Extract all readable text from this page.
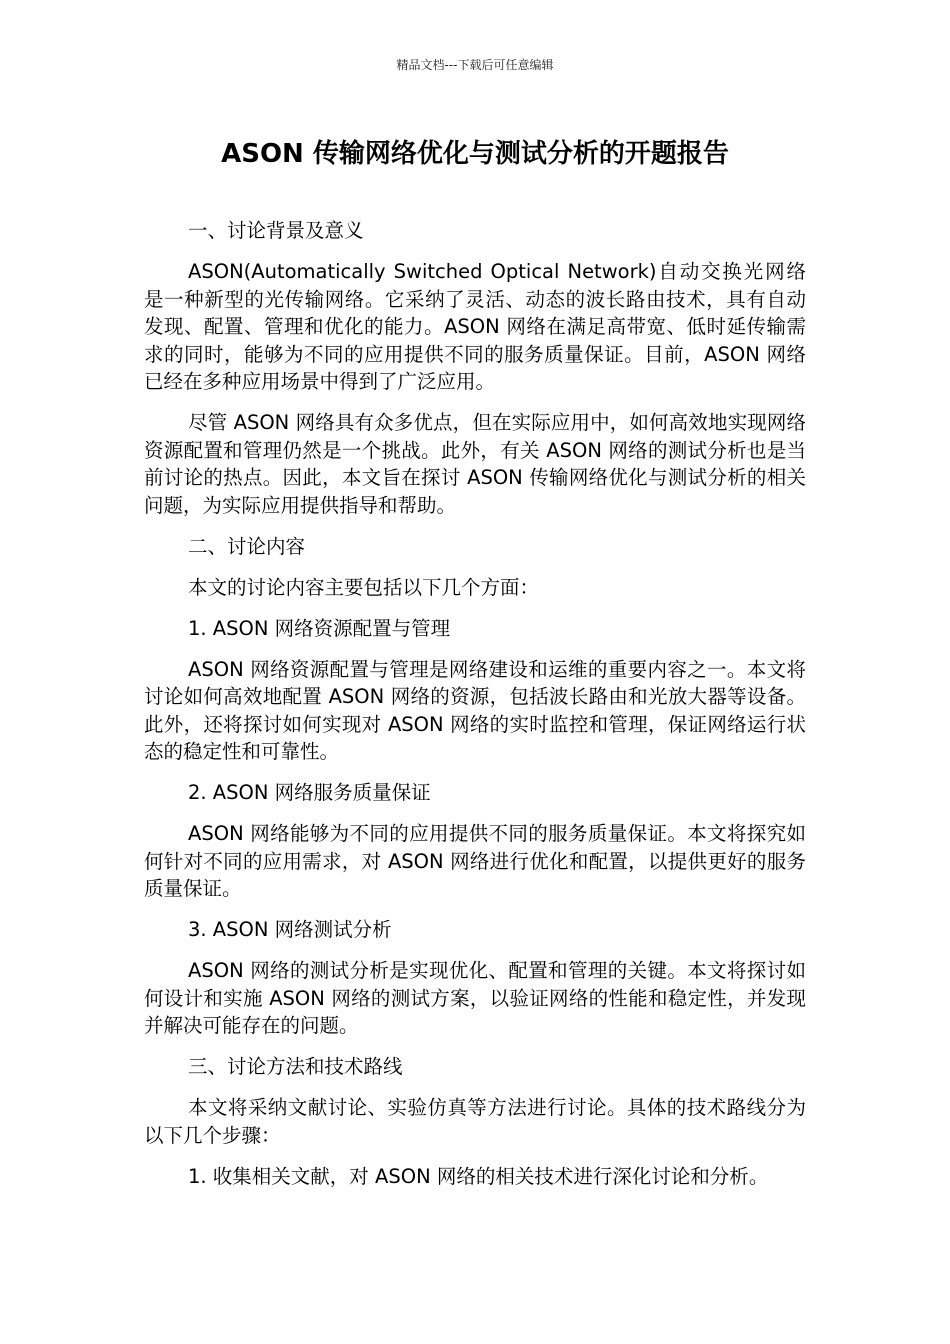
精品文档---下载后可任意编辑
ASON 传输网络优化与测试分析的开题报告

一、讨论背景及意义

ASON(Automatically Switched Optical Network)自动交换光网络是一种新型的光传输网络。它采纳了灵活、动态的波长路由技术，具有自动发现、配置、管理和优化的能力。ASON 网络在满足高带宽、低时延传输需求的同时，能够为不同的应用提供不同的服务质量保证。目前，ASON 网络已经在多种应用场景中得到了广泛应用。

尽管 ASON 网络具有众多优点，但在实际应用中，如何高效地实现网络资源配置和管理仍然是一个挑战。此外，有关 ASON 网络的测试分析也是当前讨论的热点。因此，本文旨在探讨 ASON 传输网络优化与测试分析的相关问题，为实际应用提供指导和帮助。

二、讨论内容

本文的讨论内容主要包括以下几个方面：

1. ASON 网络资源配置与管理

ASON 网络资源配置与管理是网络建设和运维的重要内容之一。本文将讨论如何高效地配置 ASON 网络的资源，包括波长路由和光放大器等设备。此外，还将探讨如何实现对 ASON 网络的实时监控和管理，保证网络运行状态的稳定性和可靠性。

2. ASON 网络服务质量保证

ASON 网络能够为不同的应用提供不同的服务质量保证。本文将探究如何针对不同的应用需求，对 ASON 网络进行优化和配置，以提供更好的服务质量保证。

3. ASON 网络测试分析

ASON 网络的测试分析是实现优化、配置和管理的关键。本文将探讨如何设计和实施 ASON 网络的测试方案，以验证网络的性能和稳定性，并发现并解决可能存在的问题。

三、讨论方法和技术路线

本文将采纳文献讨论、实验仿真等方法进行讨论。具体的技术路线分为以下几个步骤：

1. 收集相关文献，对 ASON 网络的相关技术进行深化讨论和分析。
